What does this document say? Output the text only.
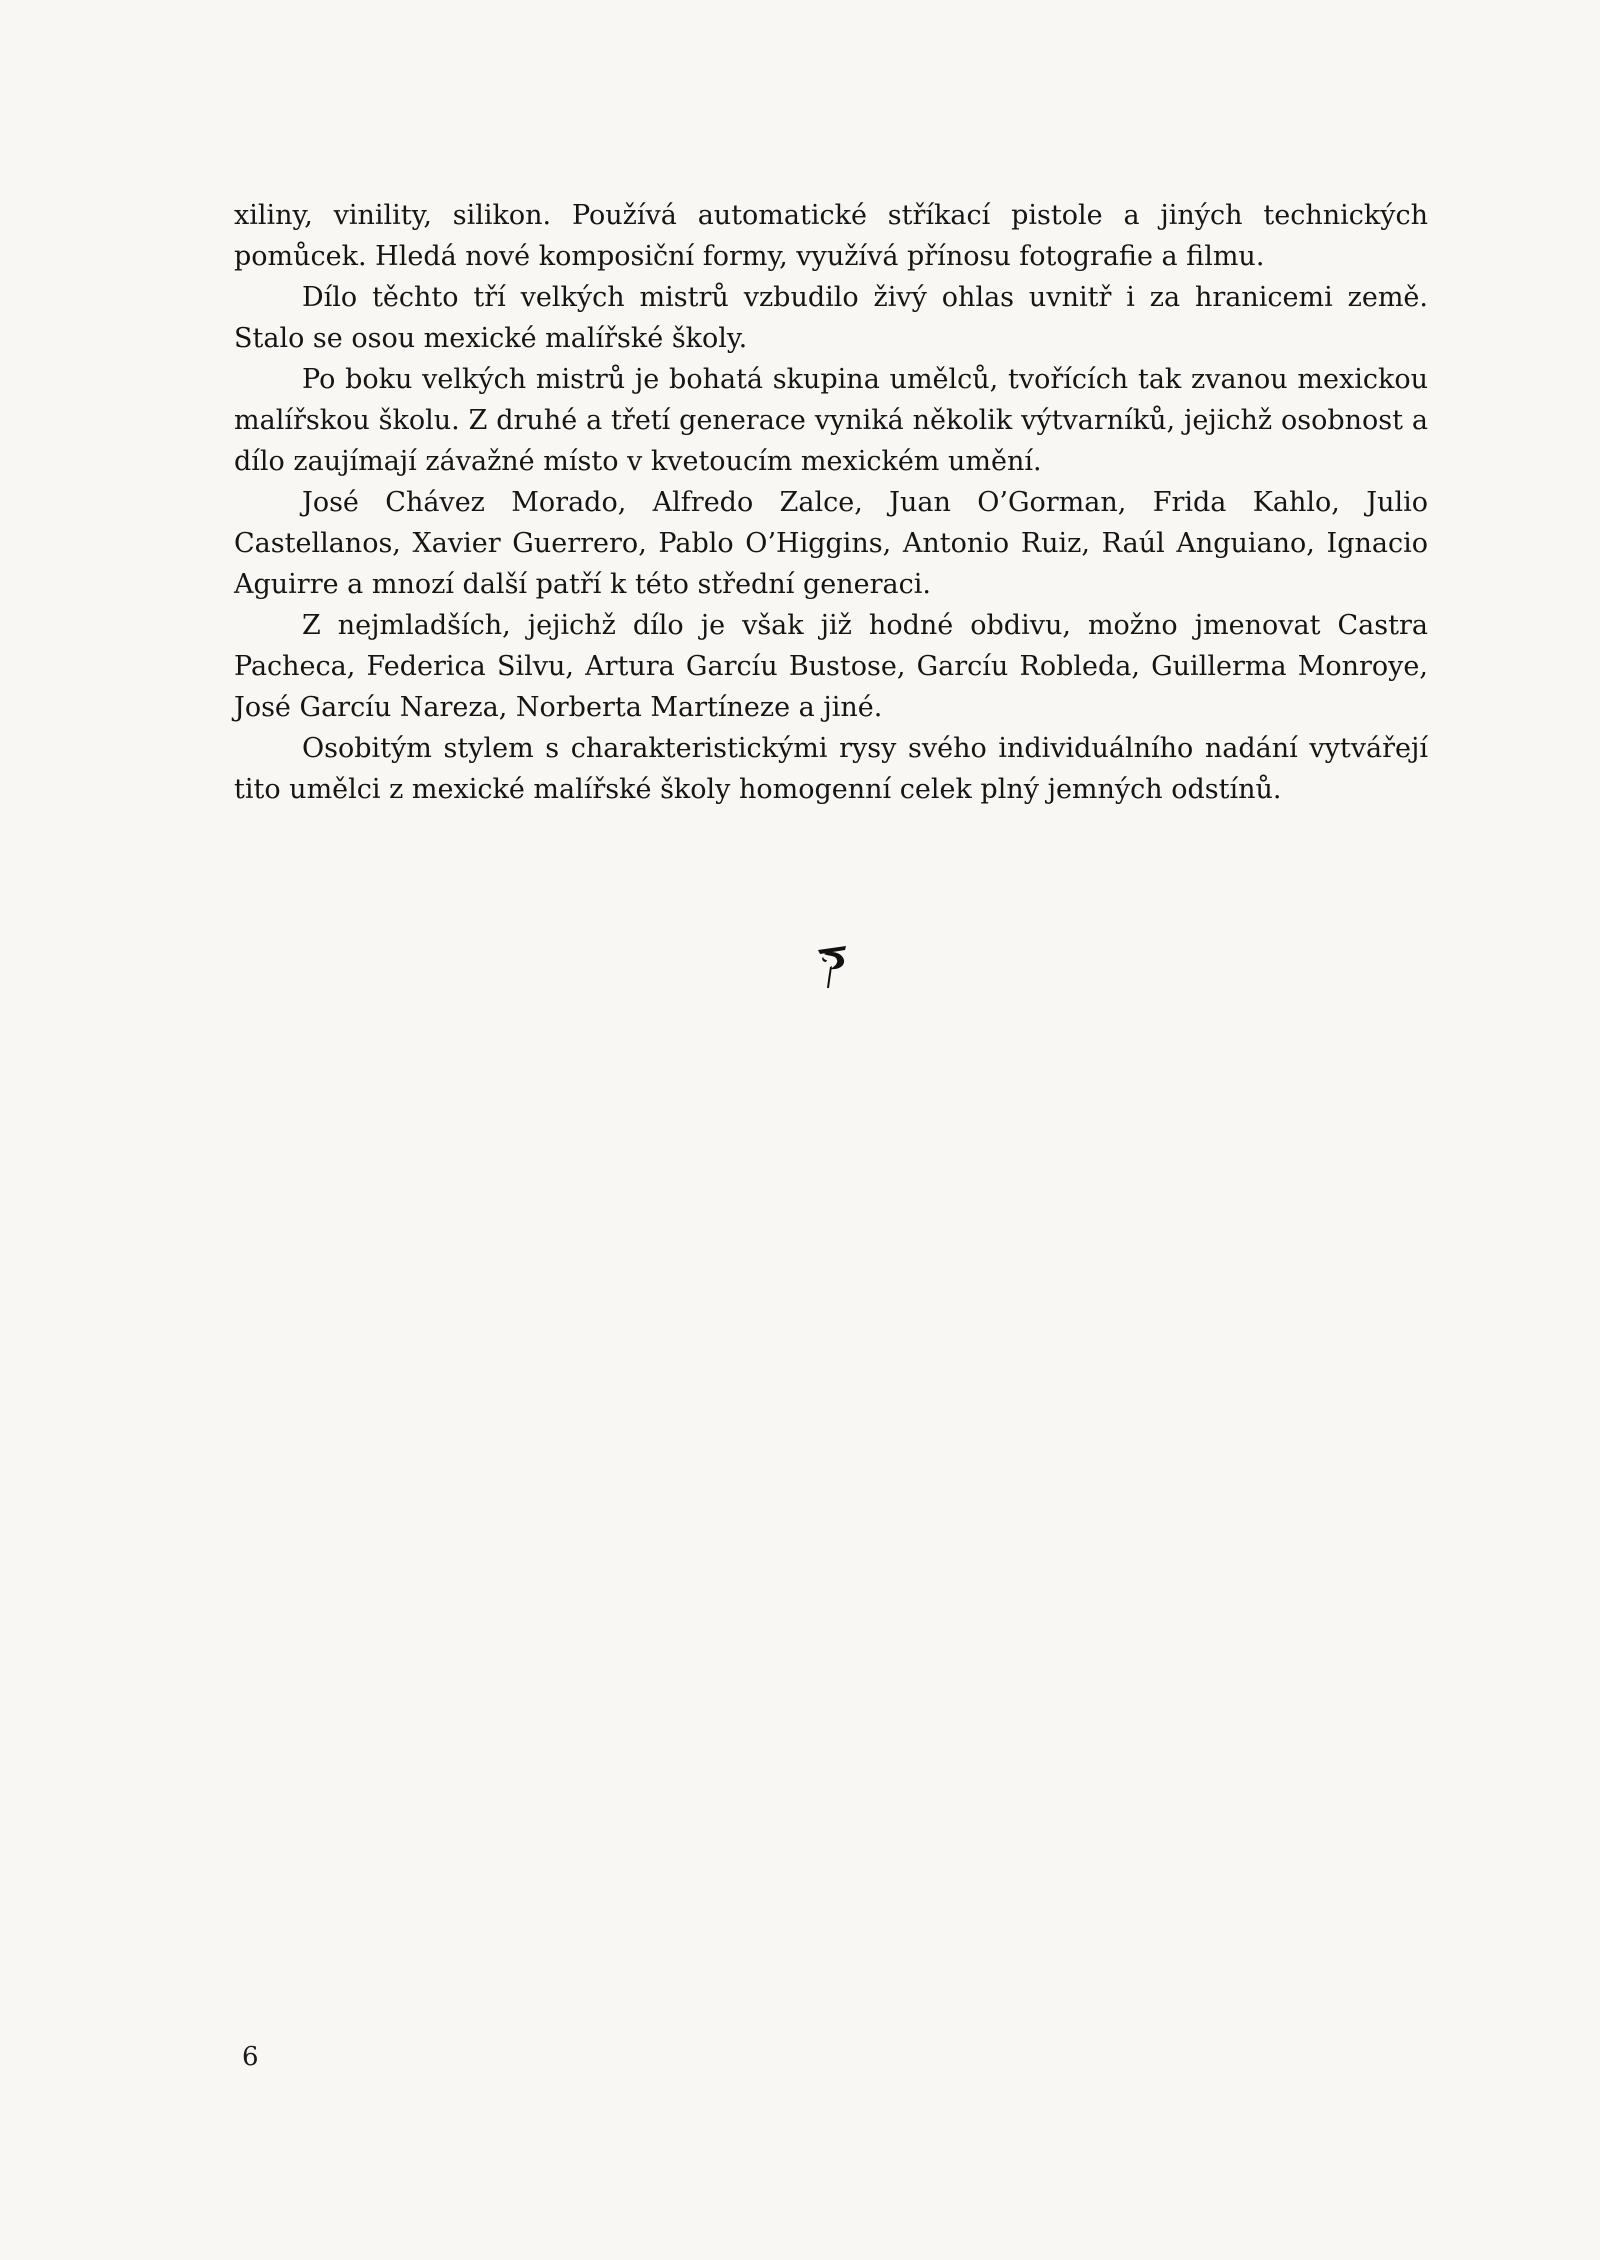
xiliny, vinility, silikon. Používá automatické stříkací pistole a jiných technických pomůcek. Hledá nové komposiční formy, využívá přínosu fotografie a filmu.

Dílo těchto tří velkých mistrů vzbudilo živý ohlas uvnitř i za hranicemi země. Stalo se osou mexické malířské školy.

Po boku velkých mistrů je bohatá skupina umělců, tvořících tak zvanou mexickou malířskou školu. Z druhé a třetí generace vyniká několik výtvarníků, jejichž osobnost a dílo zaujímají závažné místo v kvetoucím mexickém umění.

José Chávez Morado, Alfredo Zalce, Juan O’Gorman, Frida Kahlo, Julio Castellanos, Xavier Guerrero, Pablo O’Higgins, Antonio Ruiz, Raúl Anguiano, Ignacio Aguirre a mnozí další patří k této střední generaci.

Z nejmladších, jejichž dílo je však již hodné obdivu, možno jmenovat Castra Pacheca, Federica Silvu, Artura Garcíu Bustose, Garcíu Robleda, Guillerma Monroye, José Garcíu Nareza, Norberta Martíneze a jiné.

Osobitým stylem s charakteristickými rysy svého individuálního nadání vytvářejí tito umělci z mexické malířské školy homogenní celek plný jemných odstínů.

6
